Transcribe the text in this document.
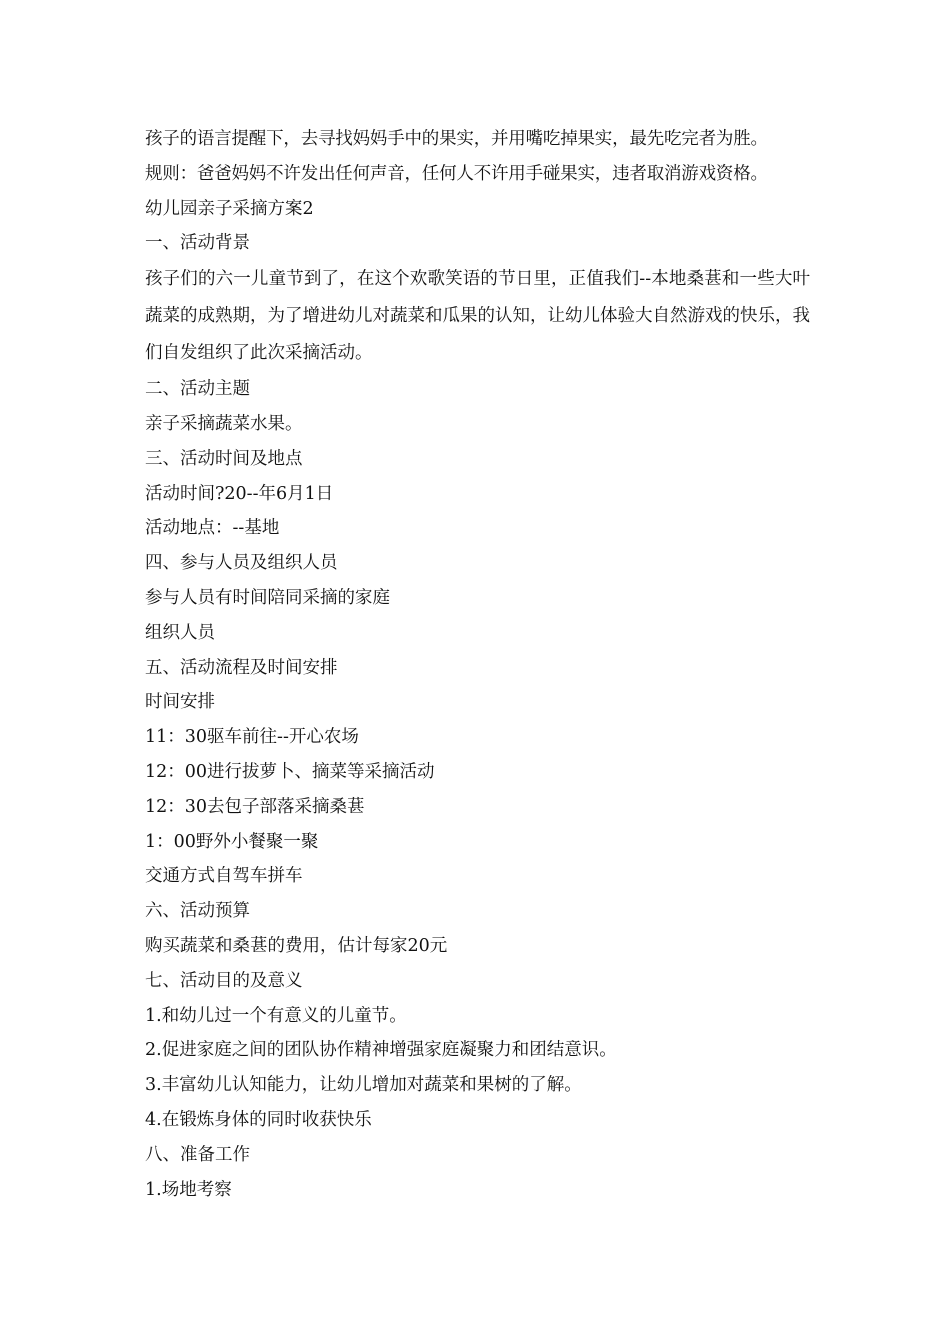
孩子的语言提醒下，去寻找妈妈手中的果实，并用嘴吃掉果实，最先吃完者为胜。

规则：爸爸妈妈不许发出任何声音，任何人不许用手碰果实，违者取消游戏资格。

幼儿园亲子采摘方案2

一、活动背景

孩子们的六一儿童节到了，在这个欢歌笑语的节日里，正值我们--本地桑葚和一些大叶蔬菜的成熟期，为了增进幼儿对蔬菜和瓜果的认知，让幼儿体验大自然游戏的快乐，我们自发组织了此次采摘活动。

二、活动主题

亲子采摘蔬菜水果。

三、活动时间及地点

活动时间?20--年6月1日

活动地点：--基地

四、参与人员及组织人员

参与人员有时间陪同采摘的家庭

组织人员

五、活动流程及时间安排

时间安排

11：30驱车前往--开心农场

12：00进行拔萝卜、摘菜等采摘活动

12：30去包子部落采摘桑葚

1：00野外小餐聚一聚

交通方式自驾车拼车

六、活动预算

购买蔬菜和桑葚的费用，估计每家20元

七、活动目的及意义

1.和幼儿过一个有意义的儿童节。

2.促进家庭之间的团队协作精神增强家庭凝聚力和团结意识。

3.丰富幼儿认知能力，让幼儿增加对蔬菜和果树的了解。

4.在锻炼身体的同时收获快乐

八、准备工作

1.场地考察
